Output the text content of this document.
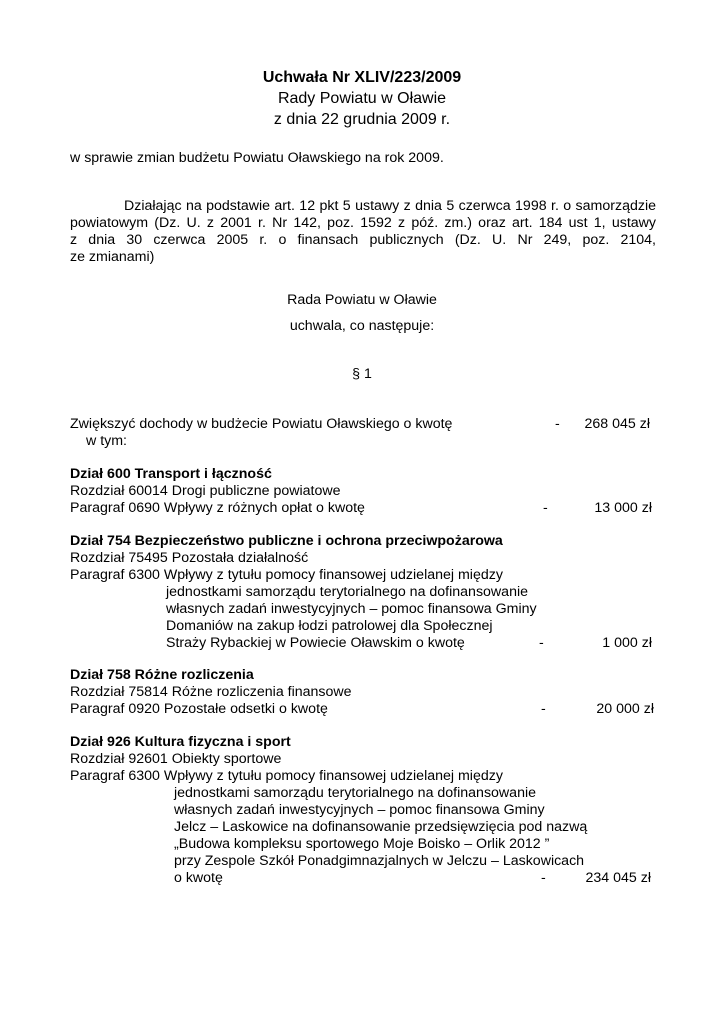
Uchwała Nr XLIV/223/2009
Rady Powiatu w Oławie
z dnia 22 grudnia 2009 r.
w sprawie zmian budżetu Powiatu Oławskiego na rok 2009.
Działając na podstawie art. 12 pkt 5 ustawy z dnia 5 czerwca 1998 r. o samorządzie
powiatowym (Dz. U. z 2001 r. Nr 142, poz. 1592 z póź. zm.) oraz art. 184 ust 1, ustawy
z dnia 30 czerwca 2005 r. o finansach publicznych (Dz. U. Nr 249, poz. 2104,
ze zmianami)
Rada Powiatu w Oławie
uchwala, co następuje:
§ 1
Zwiększyć dochody w budżecie Powiatu Oławskiego o kwotę	-	268 045 zł
w tym:
Dział 600 Transport i łączność
Rozdział 60014 Drogi publiczne powiatowe
Paragraf 0690 Wpływy z różnych opłat o kwotę	-	13 000 zł
Dział 754 Bezpieczeństwo publiczne i ochrona przeciwpożarowa
Rozdział 75495 Pozostała działalność
Paragraf 6300 Wpływy z tytułu pomocy finansowej udzielanej między
jednostkami samorządu terytorialnego na dofinansowanie
własnych zadań inwestycyjnych – pomoc finansowa Gminy
Domaniów na zakup łodzi patrolowej dla Społecznej
Straży Rybackiej w Powiecie Oławskim o kwotę	-	1 000 zł
Dział 758 Różne rozliczenia
Rozdział 75814 Różne rozliczenia finansowe
Paragraf 0920 Pozostałe odsetki o kwotę	-	20 000 zł
Dział 926 Kultura fizyczna i sport
Rozdział 92601 Obiekty sportowe
Paragraf 6300 Wpływy z tytułu pomocy finansowej udzielanej między
jednostkami samorządu terytorialnego na dofinansowanie
własnych zadań inwestycyjnych – pomoc finansowa Gminy
Jelcz – Laskowice na dofinansowanie przedsięwzięcia pod nazwą
„Budowa kompleksu sportowego Moje Boisko – Orlik 2012 ”
przy Zespole Szkół Ponadgimnazjalnych w Jelczu – Laskowicach
o kwotę	-	234 045 zł
